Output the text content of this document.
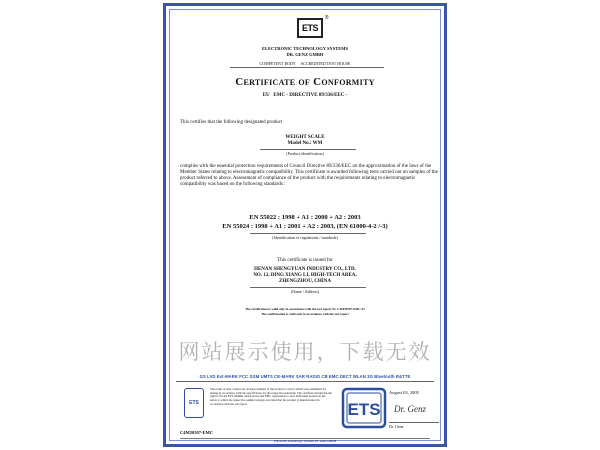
ETS
®
ELECTRONIC TECHNOLOGY SYSTEMS
DR. GENZ GMBH
COMPETENT BODY     ACCREDITED TEST HOUSE
Certificate of Conformity
EU   EMC - DIRECTIVE 89/336/EEC -
This certifies that the following designated product
WEIGHT SCALE
Model No.: WM
(Product identification)
complies with the essential protection requirements of Council Directive 89/336/EEC on the approximation of the laws of the Member States relating to electromagnetic compatibility. This certificate is awarded following tests carried out on samples of the product referred to above. Assessment of compliance of the product with the requirements relating to electromagnetic compatibility was based on the following standards :
EN 55022 : 1998 + A1 : 2000 + A2 : 2003
EN 55024 : 1998 + A1 : 2001 + A2 : 2003, (EN 61000-4-2 /-3)
(Identification of regulations / standards)
This certificate is issued for
HENAN SHENGYUAN INDUSTRY CO., LTD.
NO. 12, DING XIANG LI, HIGH-TECH AREA,
ZHENGZHOU, CHINA
(Name / Address)
The certification is valid only in accordance with the test report Nr. C4M20507-EMC-01
The confirmation is valid only in accordance with the test report
网站展示使用，下载无效
GS LVD Ext-MARK FCC GSM UMTS CE-MARK SAR RADIO CB EMC DECT WLAN 3G Bluetooth R&TTE
ETS
The result of tests carried out on these samples of the product to above which were submitted for testing in accordance with the specification for the respective standards. The certificate holder has the right to fix the ETS-MARK which shows the EMC registration to each individual product in the series to which the respective sample belongs, provided that the product is manufactured in accordance with the test report.	ETS
August 03, 2005
Dr. Genz
Dr. Genz
C4M20507-EMC
Electronic Technology Systems Dr. Genz GmbH
Storkower Straße 38c,  D-15526 Reichenwalde b. Berlin,  Germany,   Phone + 49 33631 888 000   Fax + 49 33631 888 660
